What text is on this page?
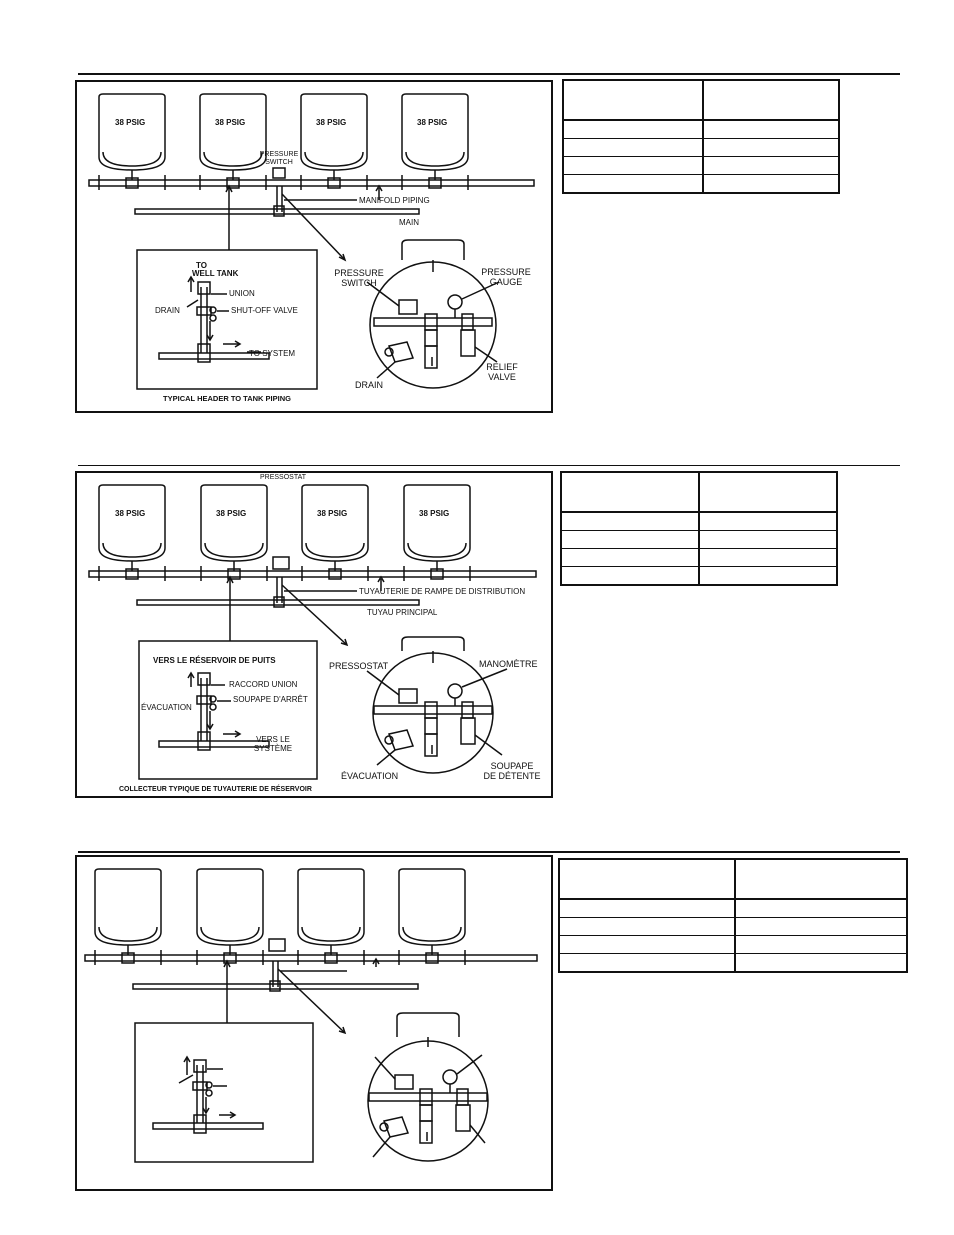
38 PSIG	38 PSIG	38 PSIG	38 PSIG
PRESSURE
SWITCH
MANIFOLD PIPING
MAIN
TO
WELL TANK
UNION
DRAIN	SHUT-OFF VALVE
TO SYSTEM
TYPICAL HEADER TO TANK PIPING
PRESSURE
SWITCH
PRESSURE
GAUGE
RELIEF
VALVE
DRAIN

38 PSIG	38 PSIG	38 PSIG	38 PSIG
PRESSOSTAT
TUYAUTERIE DE RAMPE DE DISTRIBUTION
TUYAU PRINCIPAL
VERS LE RÉSERVOIR DE PUITS
RACCORD UNION
ÉVACUATION
SOUPAPE D'ARRÊT
VERS LE
SYSTÈME
COLLECTEUR TYPIQUE DE TUYAUTERIE DE RÉSERVOIR
PRESSOSTAT	MANOMÈTRE
SOUPAPE
DE DÉTENTE
ÉVACUATION
